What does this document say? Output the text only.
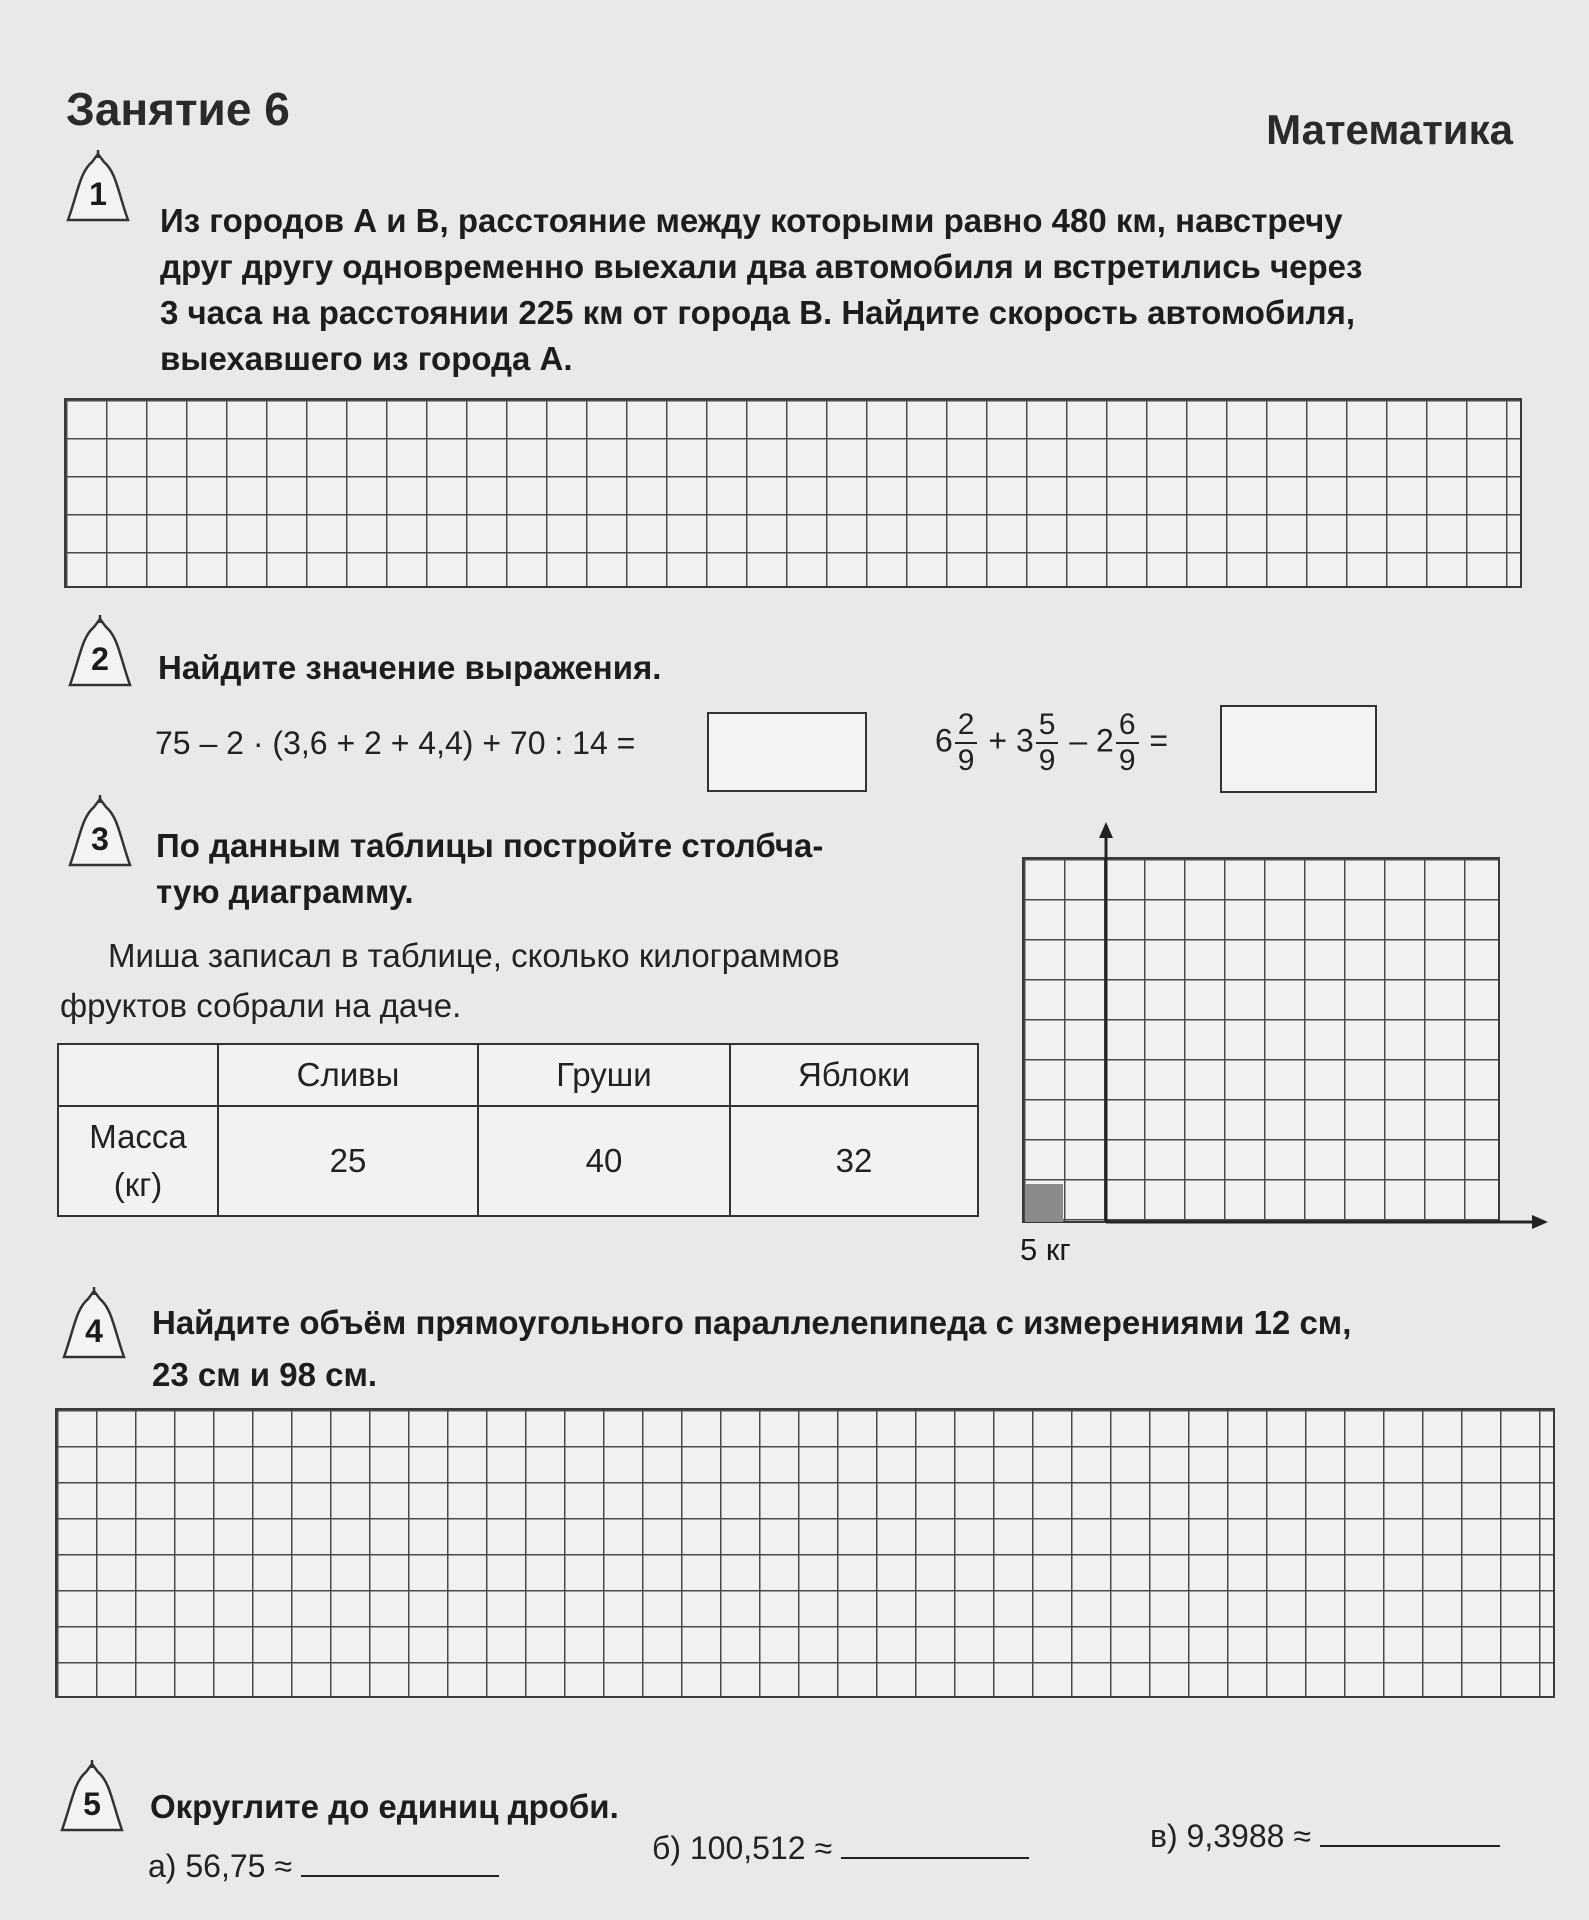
Занятие 6	Математика
1
Из городов А и В, расстояние между которыми равно 480 км, навстречу
друг другу одновременно выехали два автомобиля и встретились через
3 часа на расстоянии 225 км от города В. Найдите скорость автомобиля,
выехавшего из города А.
2	Найдите значение выражения.
75 – 2 · (3,6 + 2 + 4,4) + 70 : 14 =	$6 \frac{2}{9} + 3 \frac{5}{9} - 2 \frac{6}{9}$ =
3	По данным таблицы постройте столбча-
тую диаграмму.
Миша записал в таблице, сколько килограммов
фруктов собрали на даче.
	Сливы	Груши	Яблоки

Масса
(кг)	25	40	32
5 кг
4	Найдите объём прямоугольного параллелепипеда с измерениями 12 см,
23 см и 98 см.
5	Округлите до единиц дроби.
а) 56,75 ≈	б) 100,512 ≈	в) 9,3988 ≈
